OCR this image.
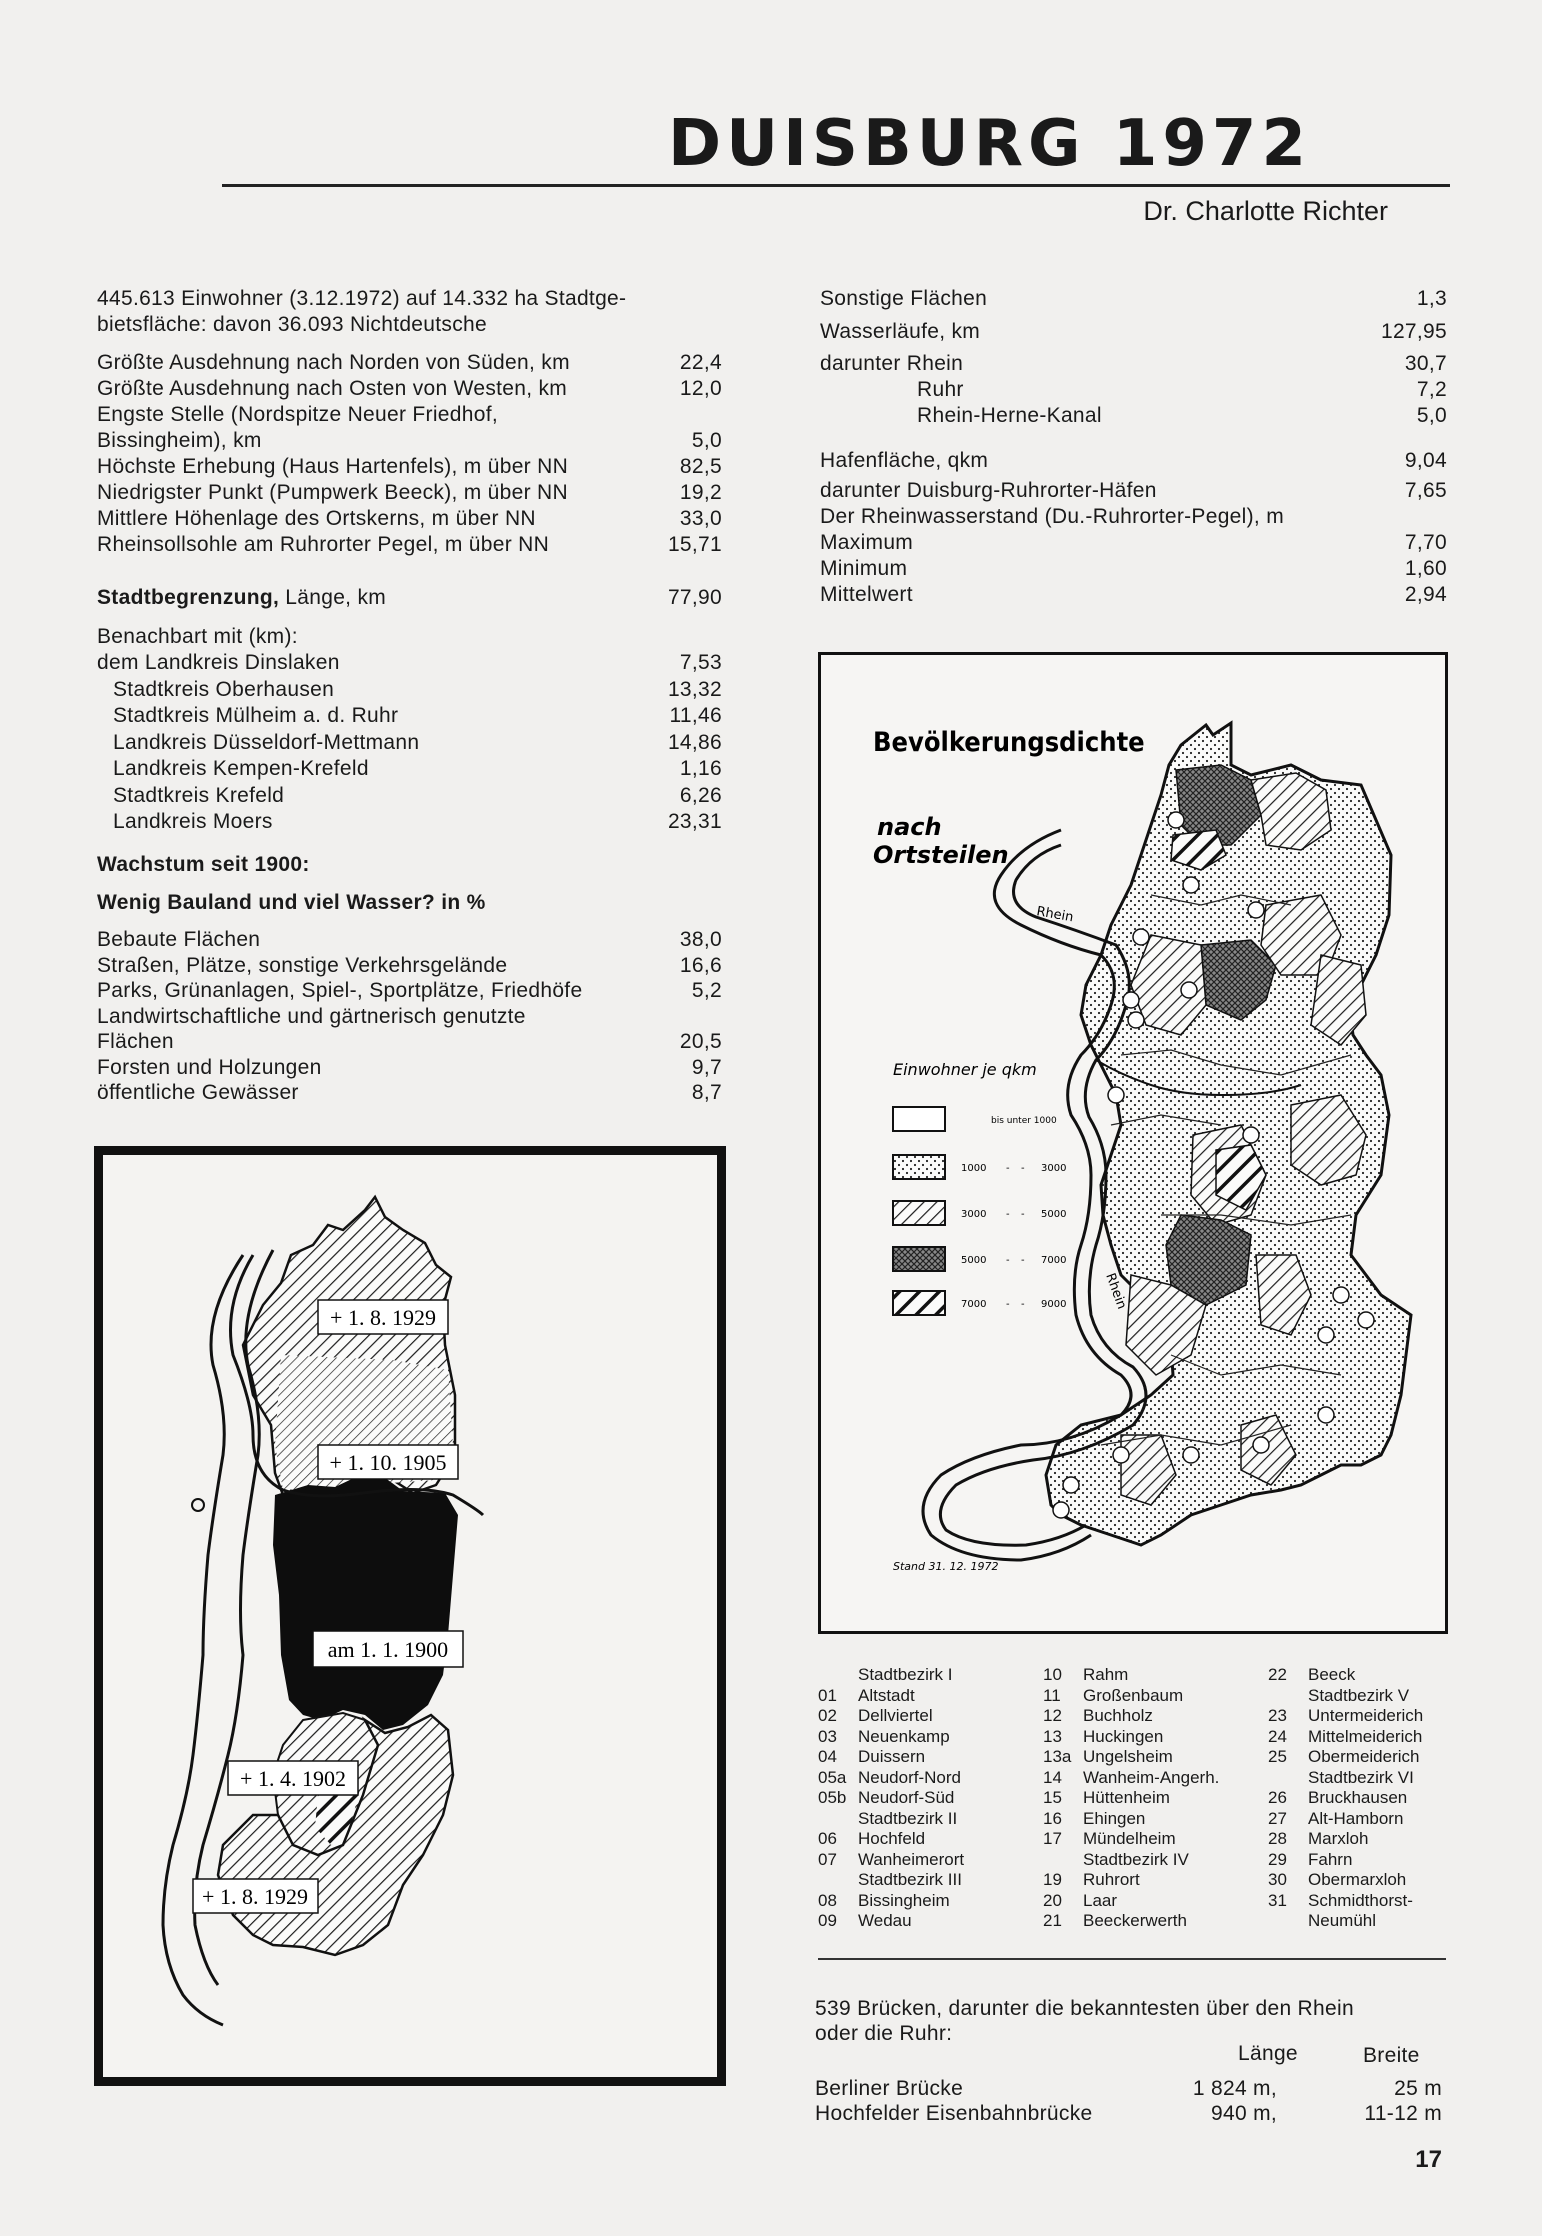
DUISBURG 1972
Dr. Charlotte Richter
445.613 Einwohner (3.12.1972) auf 14.332 ha Stadtge-
bietsfläche: davon 36.093 Nichtdeutsche
Größte Ausdehnung nach Norden von Süden, km	22,4
Größte Ausdehnung nach Osten von Westen, km	12,0
Engste Stelle (Nordspitze Neuer Friedhof,
Bissingheim), km	5,0
Höchste Erhebung (Haus Hartenfels), m über NN	82,5
Niedrigster Punkt (Pumpwerk Beeck), m über NN	19,2
Mittlere Höhenlage des Ortskerns, m über NN	33,0
Rheinsollsohle am Ruhrorter Pegel, m über NN	15,71
Stadtbegrenzung, Länge, km	77,90
Benachbart mit (km):
dem Landkreis Dinslaken	7,53
Stadtkreis Oberhausen	13,32
Stadtkreis Mülheim a. d. Ruhr	11,46
Landkreis Düsseldorf-Mettmann	14,86
Landkreis Kempen-Krefeld	1,16
Stadtkreis Krefeld	6,26
Landkreis Moers	23,31
Wachstum seit 1900:
Wenig Bauland und viel Wasser? in %
Bebaute Flächen	38,0
Straßen, Plätze, sonstige Verkehrsgelände	16,6
Parks, Grünanlagen, Spiel-, Sportplätze, Friedhöfe	5,2
Landwirtschaftliche und gärtnerisch genutzte
Flächen	20,5
Forsten und Holzungen	9,7
öffentliche Gewässer	8,7
+ 1. 8. 1929
+ 1. 10. 1905
am 1. 1. 1900
+ 1. 4. 1902
+ 1. 8. 1929
Sonstige Flächen	1,3
Wasserläufe, km	127,95
darunter Rhein	30,7
Ruhr	7,2
Rhein-Herne-Kanal	5,0
Hafenfläche, qkm	9,04
darunter Duisburg-Ruhrorter-Häfen	7,65
Der Rheinwasserstand (Du.-Ruhrorter-Pegel), m
Maximum	7,70
Minimum	1,60
Mittelwert	2,94
Bevölkerungsdichte
nach
Ortsteilen
Rhein
Rhein
Einwohner je qkm
bis unter 1000
1000 - - 3000
3000 - - 5000
5000 - - 7000
7000 - - 9000
Stand 31. 12. 1972
Stadtbezirk I
01 Altstadt
02 Dellviertel
03 Neuenkamp
04 Duissern
05a Neudorf-Nord
05b Neudorf-Süd
Stadtbezirk II
06 Hochfeld
07 Wanheimerort
Stadtbezirk III
08 Bissingheim
09 Wedau
10 Rahm
11 Großenbaum
12 Buchholz
13 Huckingen
13a Ungelsheim
14 Wanheim-Angerh.
15 Hüttenheim
16 Ehingen
17 Mündelheim
Stadtbezirk IV
19 Ruhrort
20 Laar
21 Beeckerwerth
22 Beeck
Stadtbezirk V
23 Untermeiderich
24 Mittelmeiderich
25 Obermeiderich
Stadtbezirk VI
26 Bruckhausen
27 Alt-Hamborn
28 Marxloh
29 Fahrn
30 Obermarxloh
31 Schmidthorst-
Neumühl
539 Brücken, darunter die bekanntesten über den Rhein
oder die Ruhr:
Länge	Breite
Berliner Brücke	1 824 m,	25 m
Hochfelder Eisenbahnbrücke	940 m,	11-12 m
17
